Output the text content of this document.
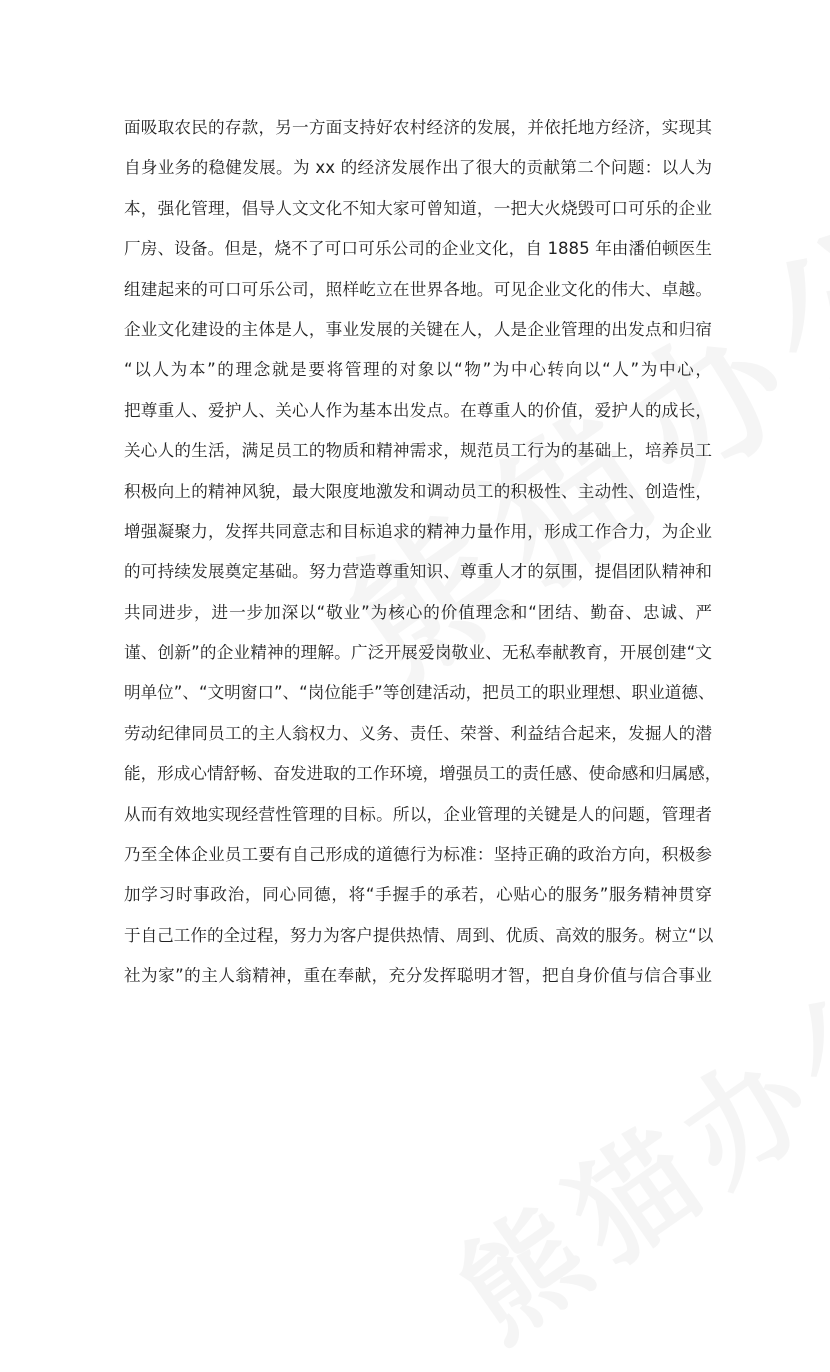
面吸取农民的存款，另一方面支持好农村经济的发展，并依托地方经济，实现其
自身业务的稳健发展。为 xx 的经济发展作出了很大的贡献第二个问题：以人为
本，强化管理，倡导人文文化不知大家可曾知道，一把大火烧毁可口可乐的企业
厂房、设备。但是，烧不了可口可乐公司的企业文化，自 1885 年由潘伯顿医生
组建起来的可口可乐公司，照样屹立在世界各地。可见企业文化的伟大、卓越。
企业文化建设的主体是人，事业发展的关键在人，人是企业管理的出发点和归宿
“以人为本”的理念就是要将管理的对象以“物”为中心转向以“人”为中心，
把尊重人、爱护人、关心人作为基本出发点。在尊重人的价值，爱护人的成长，
关心人的生活，满足员工的物质和精神需求，规范员工行为的基础上，培养员工
积极向上的精神风貌，最大限度地激发和调动员工的积极性、主动性、创造性，
增强凝聚力，发挥共同意志和目标追求的精神力量作用，形成工作合力，为企业
的可持续发展奠定基础。努力营造尊重知识、尊重人才的氛围，提倡团队精神和
共同进步，进一步加深以“敬业”为核心的价值理念和“团结、勤奋、忠诚、严
谨、创新”的企业精神的理解。广泛开展爱岗敬业、无私奉献教育，开展创建“文
明单位”、“文明窗口”、“岗位能手”等创建活动，把员工的职业理想、职业道德、
劳动纪律同员工的主人翁权力、义务、责任、荣誉、利益结合起来，发掘人的潜
能，形成心情舒畅、奋发进取的工作环境，增强员工的责任感、使命感和归属感，
从而有效地实现经营性管理的目标。所以，企业管理的关键是人的问题，管理者
乃至全体企业员工要有自己形成的道德行为标准：坚持正确的政治方向，积极参
加学习时事政治，同心同德，将“手握手的承若，心贴心的服务”服务精神贯穿
于自己工作的全过程，努力为客户提供热情、周到、优质、高效的服务。树立“以
社为家”的主人翁精神，重在奉献，充分发挥聪明才智，把自身价值与信合事业
